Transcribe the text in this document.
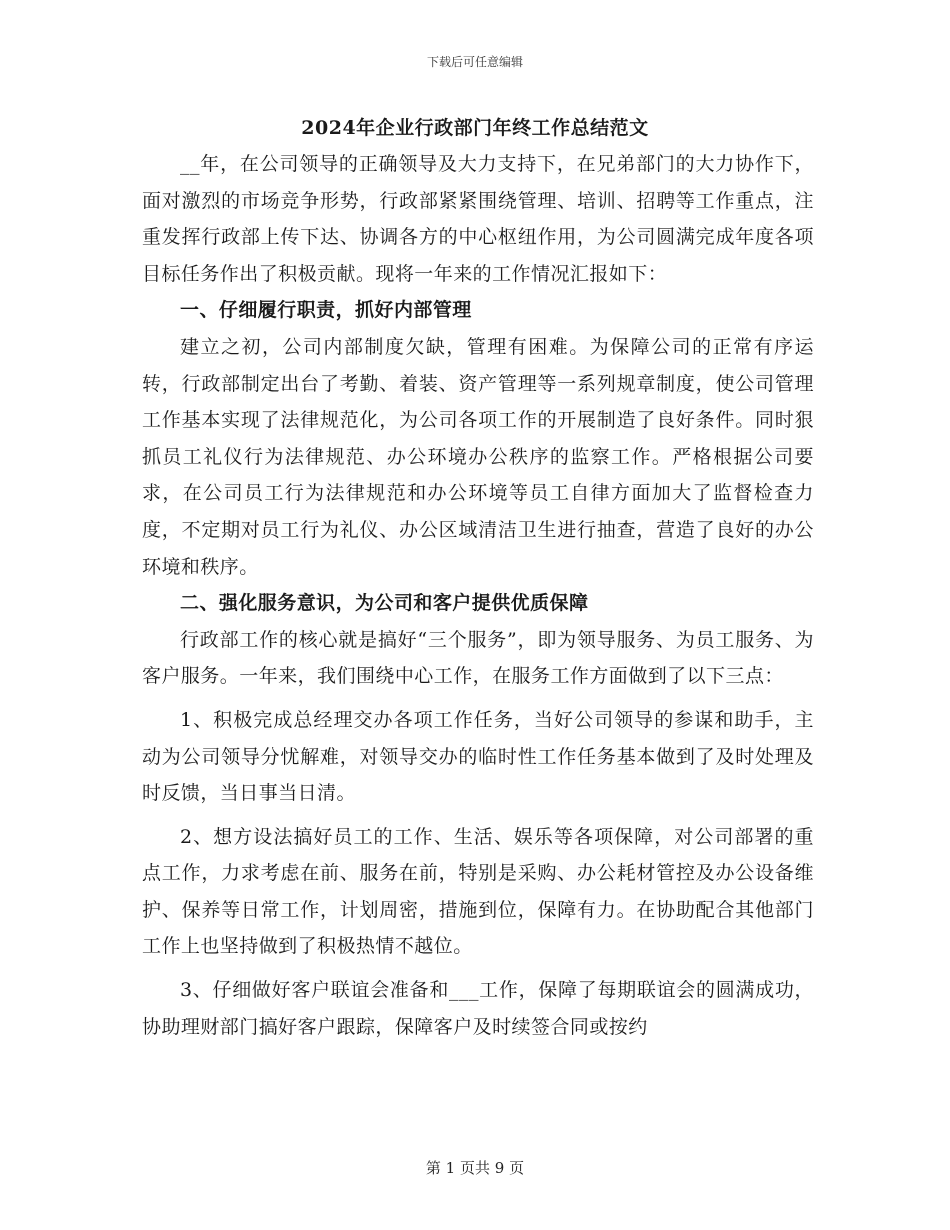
下载后可任意编辑
2024年企业行政部门年终工作总结范文

__年，在公司领导的正确领导及大力支持下，在兄弟部门的大力协作下，面对激烈的市场竞争形势，行政部紧紧围绕管理、培训、招聘等工作重点，注重发挥行政部上传下达、协调各方的中心枢纽作用，为公司圆满完成年度各项目标任务作出了积极贡献。现将一年来的工作情况汇报如下：

一、仔细履行职责，抓好内部管理

建立之初，公司内部制度欠缺，管理有困难。为保障公司的正常有序运转，行政部制定出台了考勤、着装、资产管理等一系列规章制度，使公司管理工作基本实现了法律规范化，为公司各项工作的开展制造了良好条件。同时狠抓员工礼仪行为法律规范、办公环境办公秩序的监察工作。严格根据公司要求，在公司员工行为法律规范和办公环境等员工自律方面加大了监督检查力度，不定期对员工行为礼仪、办公区域清洁卫生进行抽查，营造了良好的办公环境和秩序。

二、强化服务意识，为公司和客户提供优质保障

行政部工作的核心就是搞好“三个服务”，即为领导服务、为员工服务、为客户服务。一年来，我们围绕中心工作，在服务工作方面做到了以下三点：

1、积极完成总经理交办各项工作任务，当好公司领导的参谋和助手，主动为公司领导分忧解难，对领导交办的临时性工作任务基本做到了及时处理及时反馈，当日事当日清。

2、想方设法搞好员工的工作、生活、娱乐等各项保障，对公司部署的重点工作，力求考虑在前、服务在前，特别是采购、办公耗材管控及办公设备维护、保养等日常工作，计划周密，措施到位，保障有力。在协助配合其他部门工作上也坚持做到了积极热情不越位。

3、仔细做好客户联谊会准备和___工作，保障了每期联谊会的圆满成功，协助理财部门搞好客户跟踪，保障客户及时续签合同或按约

第 1 页共 9 页
